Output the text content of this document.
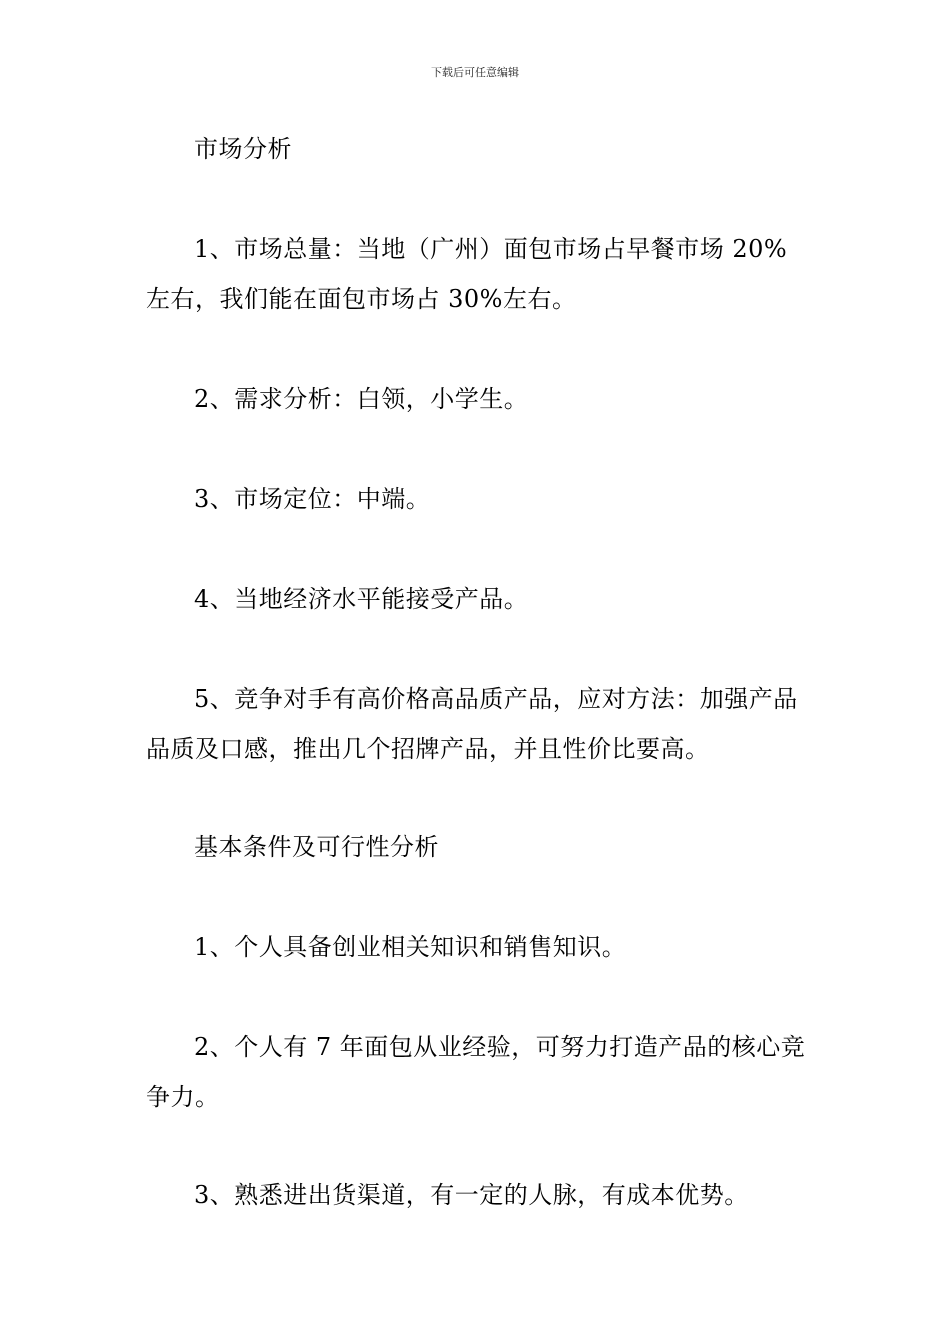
下载后可任意编辑

市场分析

1、市场总量：当地（广州）面包市场占早餐市场 20%左右，我们能在面包市场占 30%左右。

2、需求分析：白领，小学生。

3、市场定位：中端。

4、当地经济水平能接受产品。

5、竞争对手有高价格高品质产品，应对方法：加强产品品质及口感，推出几个招牌产品，并且性价比要高。

基本条件及可行性分析

1、个人具备创业相关知识和销售知识。

2、个人有 7 年面包从业经验，可努力打造产品的核心竞争力。

3、熟悉进出货渠道，有一定的人脉，有成本优势。
